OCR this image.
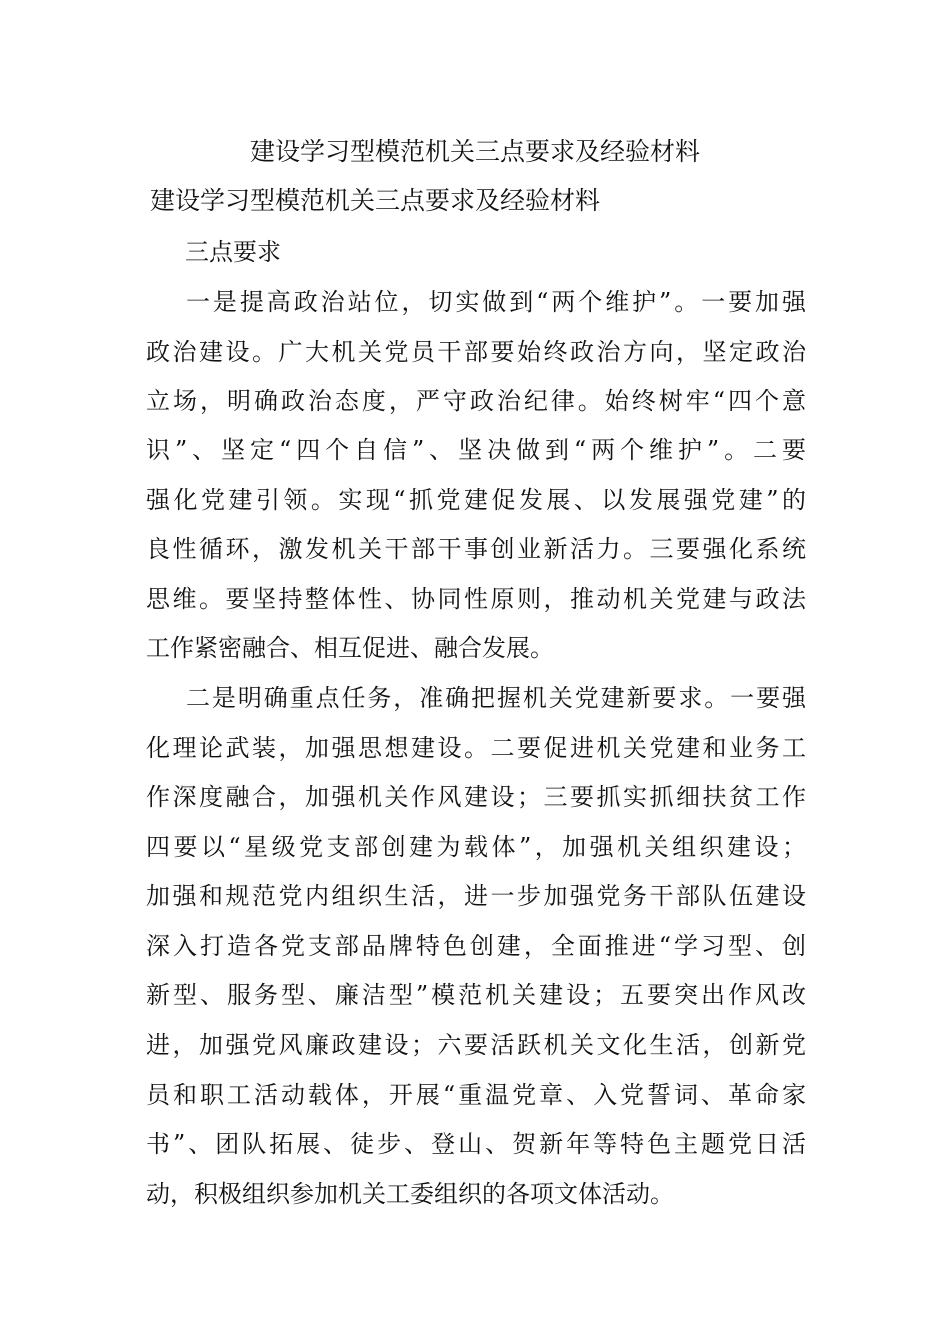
建设学习型模范机关三点要求及经验材料
建设学习型模范机关三点要求及经验材料
三点要求
一是提高政治站位，切实做到“两个维护”。一要加强
政治建设。广大机关党员干部要始终政治方向，坚定政治
立场，明确政治态度，严守政治纪律。始终树牢“四个意
识”、坚定“四个自信”、坚决做到“两个维护”。二要
强化党建引领。实现“抓党建促发展、以发展强党建”的
良性循环，激发机关干部干事创业新活力。三要强化系统
思维。要坚持整体性、协同性原则，推动机关党建与政法
工作紧密融合、相互促进、融合发展。
二是明确重点任务，准确把握机关党建新要求。一要强
化理论武装，加强思想建设。二要促进机关党建和业务工
作深度融合，加强机关作风建设；三要抓实抓细扶贫工作
四要以“星级党支部创建为载体”，加强机关组织建设；
加强和规范党内组织生活，进一步加强党务干部队伍建设
深入打造各党支部品牌特色创建，全面推进“学习型、创
新型、服务型、廉洁型”模范机关建设；五要突出作风改
进，加强党风廉政建设；六要活跃机关文化生活，创新党
员和职工活动载体，开展“重温党章、入党誓词、革命家
书”、团队拓展、徒步、登山、贺新年等特色主题党日活
动，积极组织参加机关工委组织的各项文体活动。
